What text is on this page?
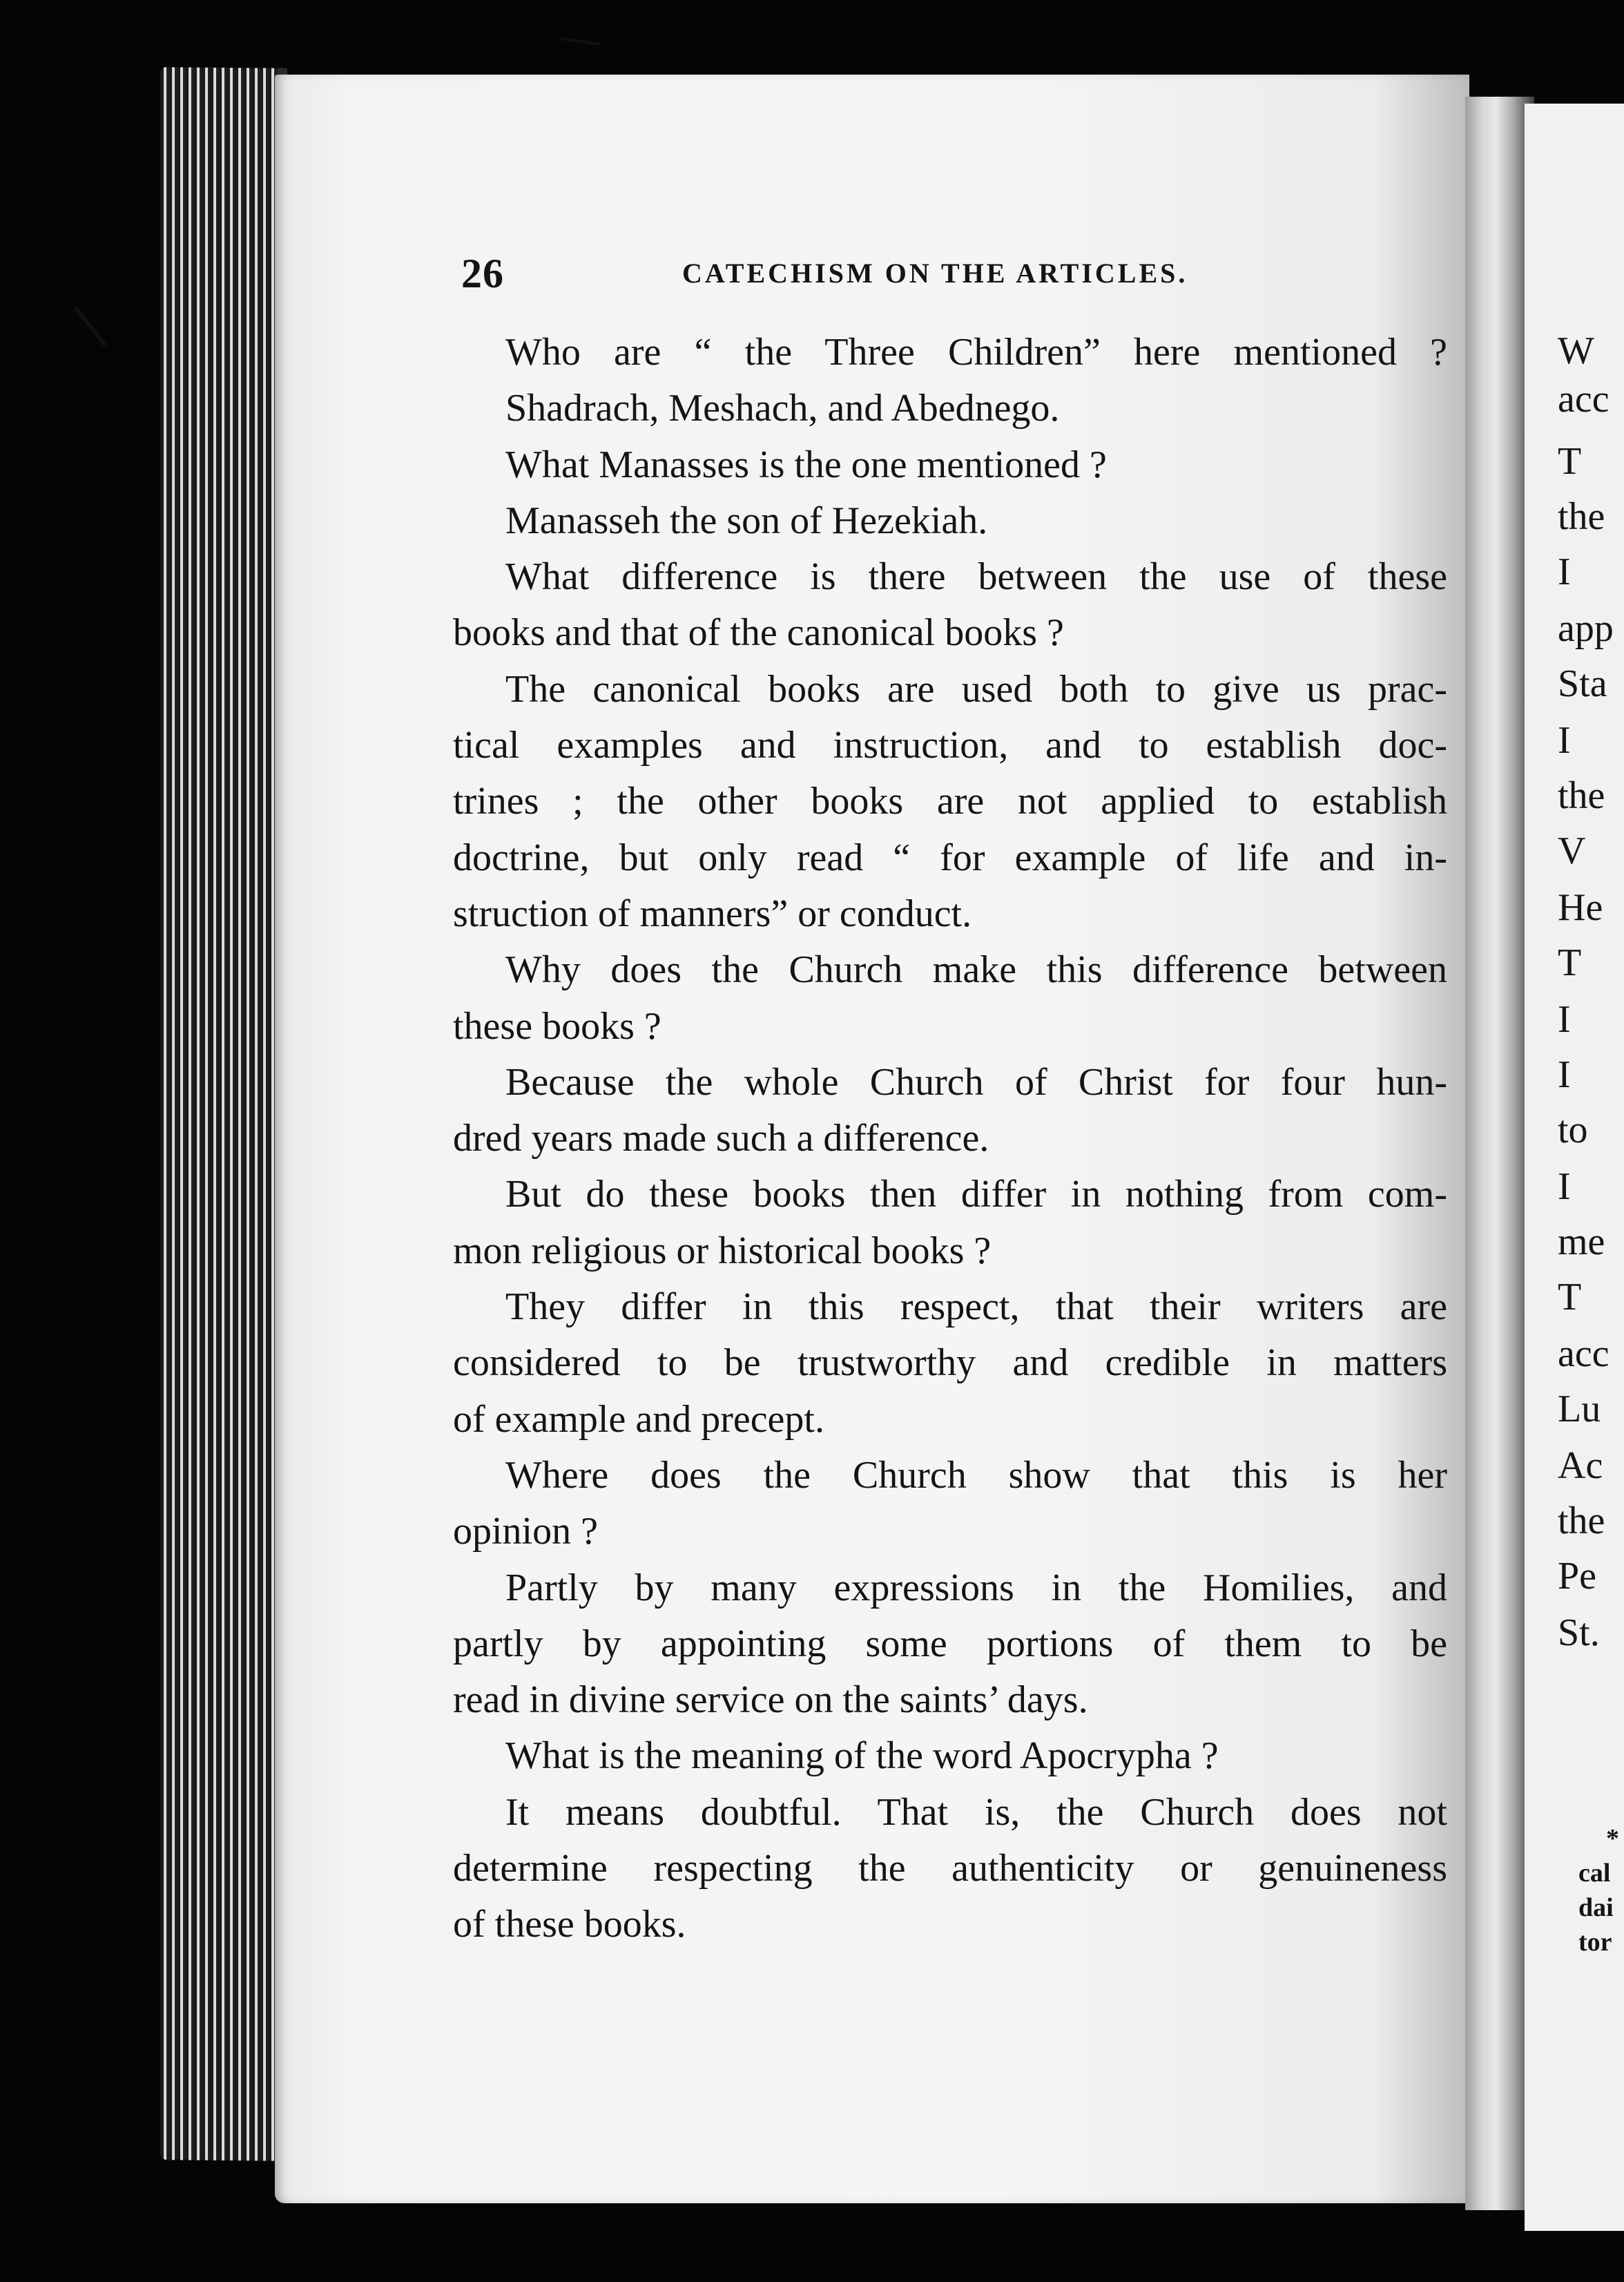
W
acc
T
the
I
app
Sta
I
the
V
He
T
I
I
to
I
me
T
acc
Lu
Ac
the
Pe
St.
*
cal
dai
tor
26	CATECHISM ON THE ARTICLES.
Who are “ the Three Children” here mentioned ?
Shadrach, Meshach, and Abednego.
What Manasses is the one mentioned ?
Manasseh the son of Hezekiah.
What difference is there between the use of these
books and that of the canonical books ?
The canonical books are used both to give us prac-
tical examples and instruction, and to establish doc-
trines ; the other books are not applied to establish
doctrine, but only read “ for example of life and in-
struction of manners” or conduct.
Why does the Church make this difference between
these books ?
Because the whole Church of Christ for four hun-
dred years made such a difference.
But do these books then differ in nothing from com-
mon religious or historical books ?
They differ in this respect, that their writers are
considered to be trustworthy and credible in matters
of example and precept.
Where does the Church show that this is her
opinion ?
Partly by many expressions in the Homilies, and
partly by appointing some portions of them to be
read in divine service on the saints’ days.
What is the meaning of the word Apocrypha ?
It means doubtful. That is, the Church does not
determine respecting the authenticity or genuineness
of these books.
